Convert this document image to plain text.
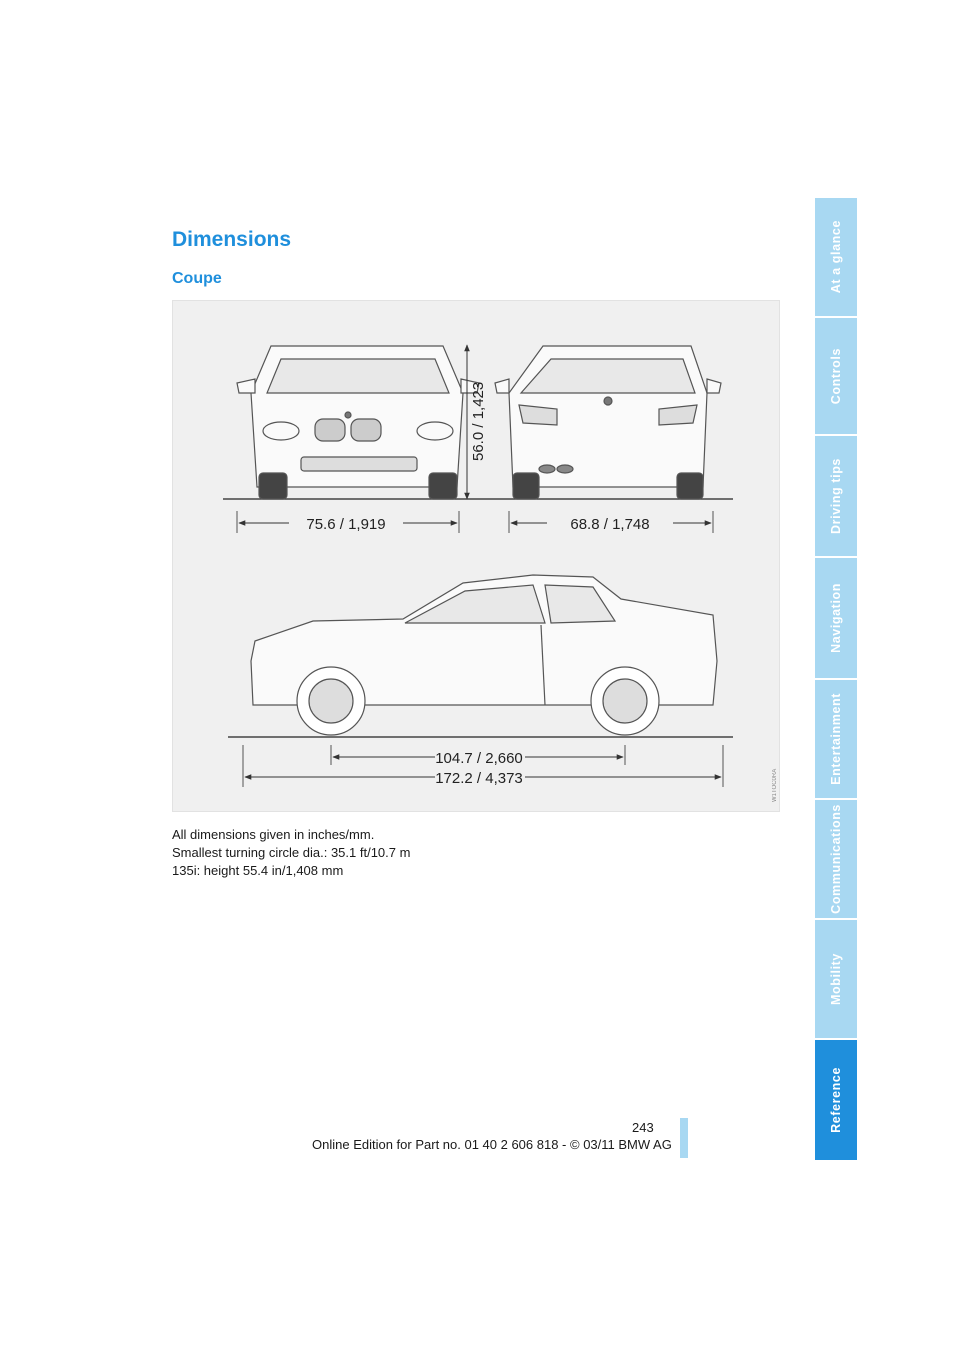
Dimensions
Coupe
56.0 / 1,423
75.6 / 1,919	68.8 / 1,748
104.7 / 2,660
172.2 / 4,373	W1TOC0RA
All dimensions given in inches/mm.
Smallest turning circle dia.: 35.1 ft/10.7 m
135i: height 55.4 in/1,408 mm
At a glance
Controls
Driving tips
Navigation
Entertainment
Communications
Mobility
Reference
243
Online Edition for Part no. 01 40 2 606 818 - © 03/11 BMW AG
